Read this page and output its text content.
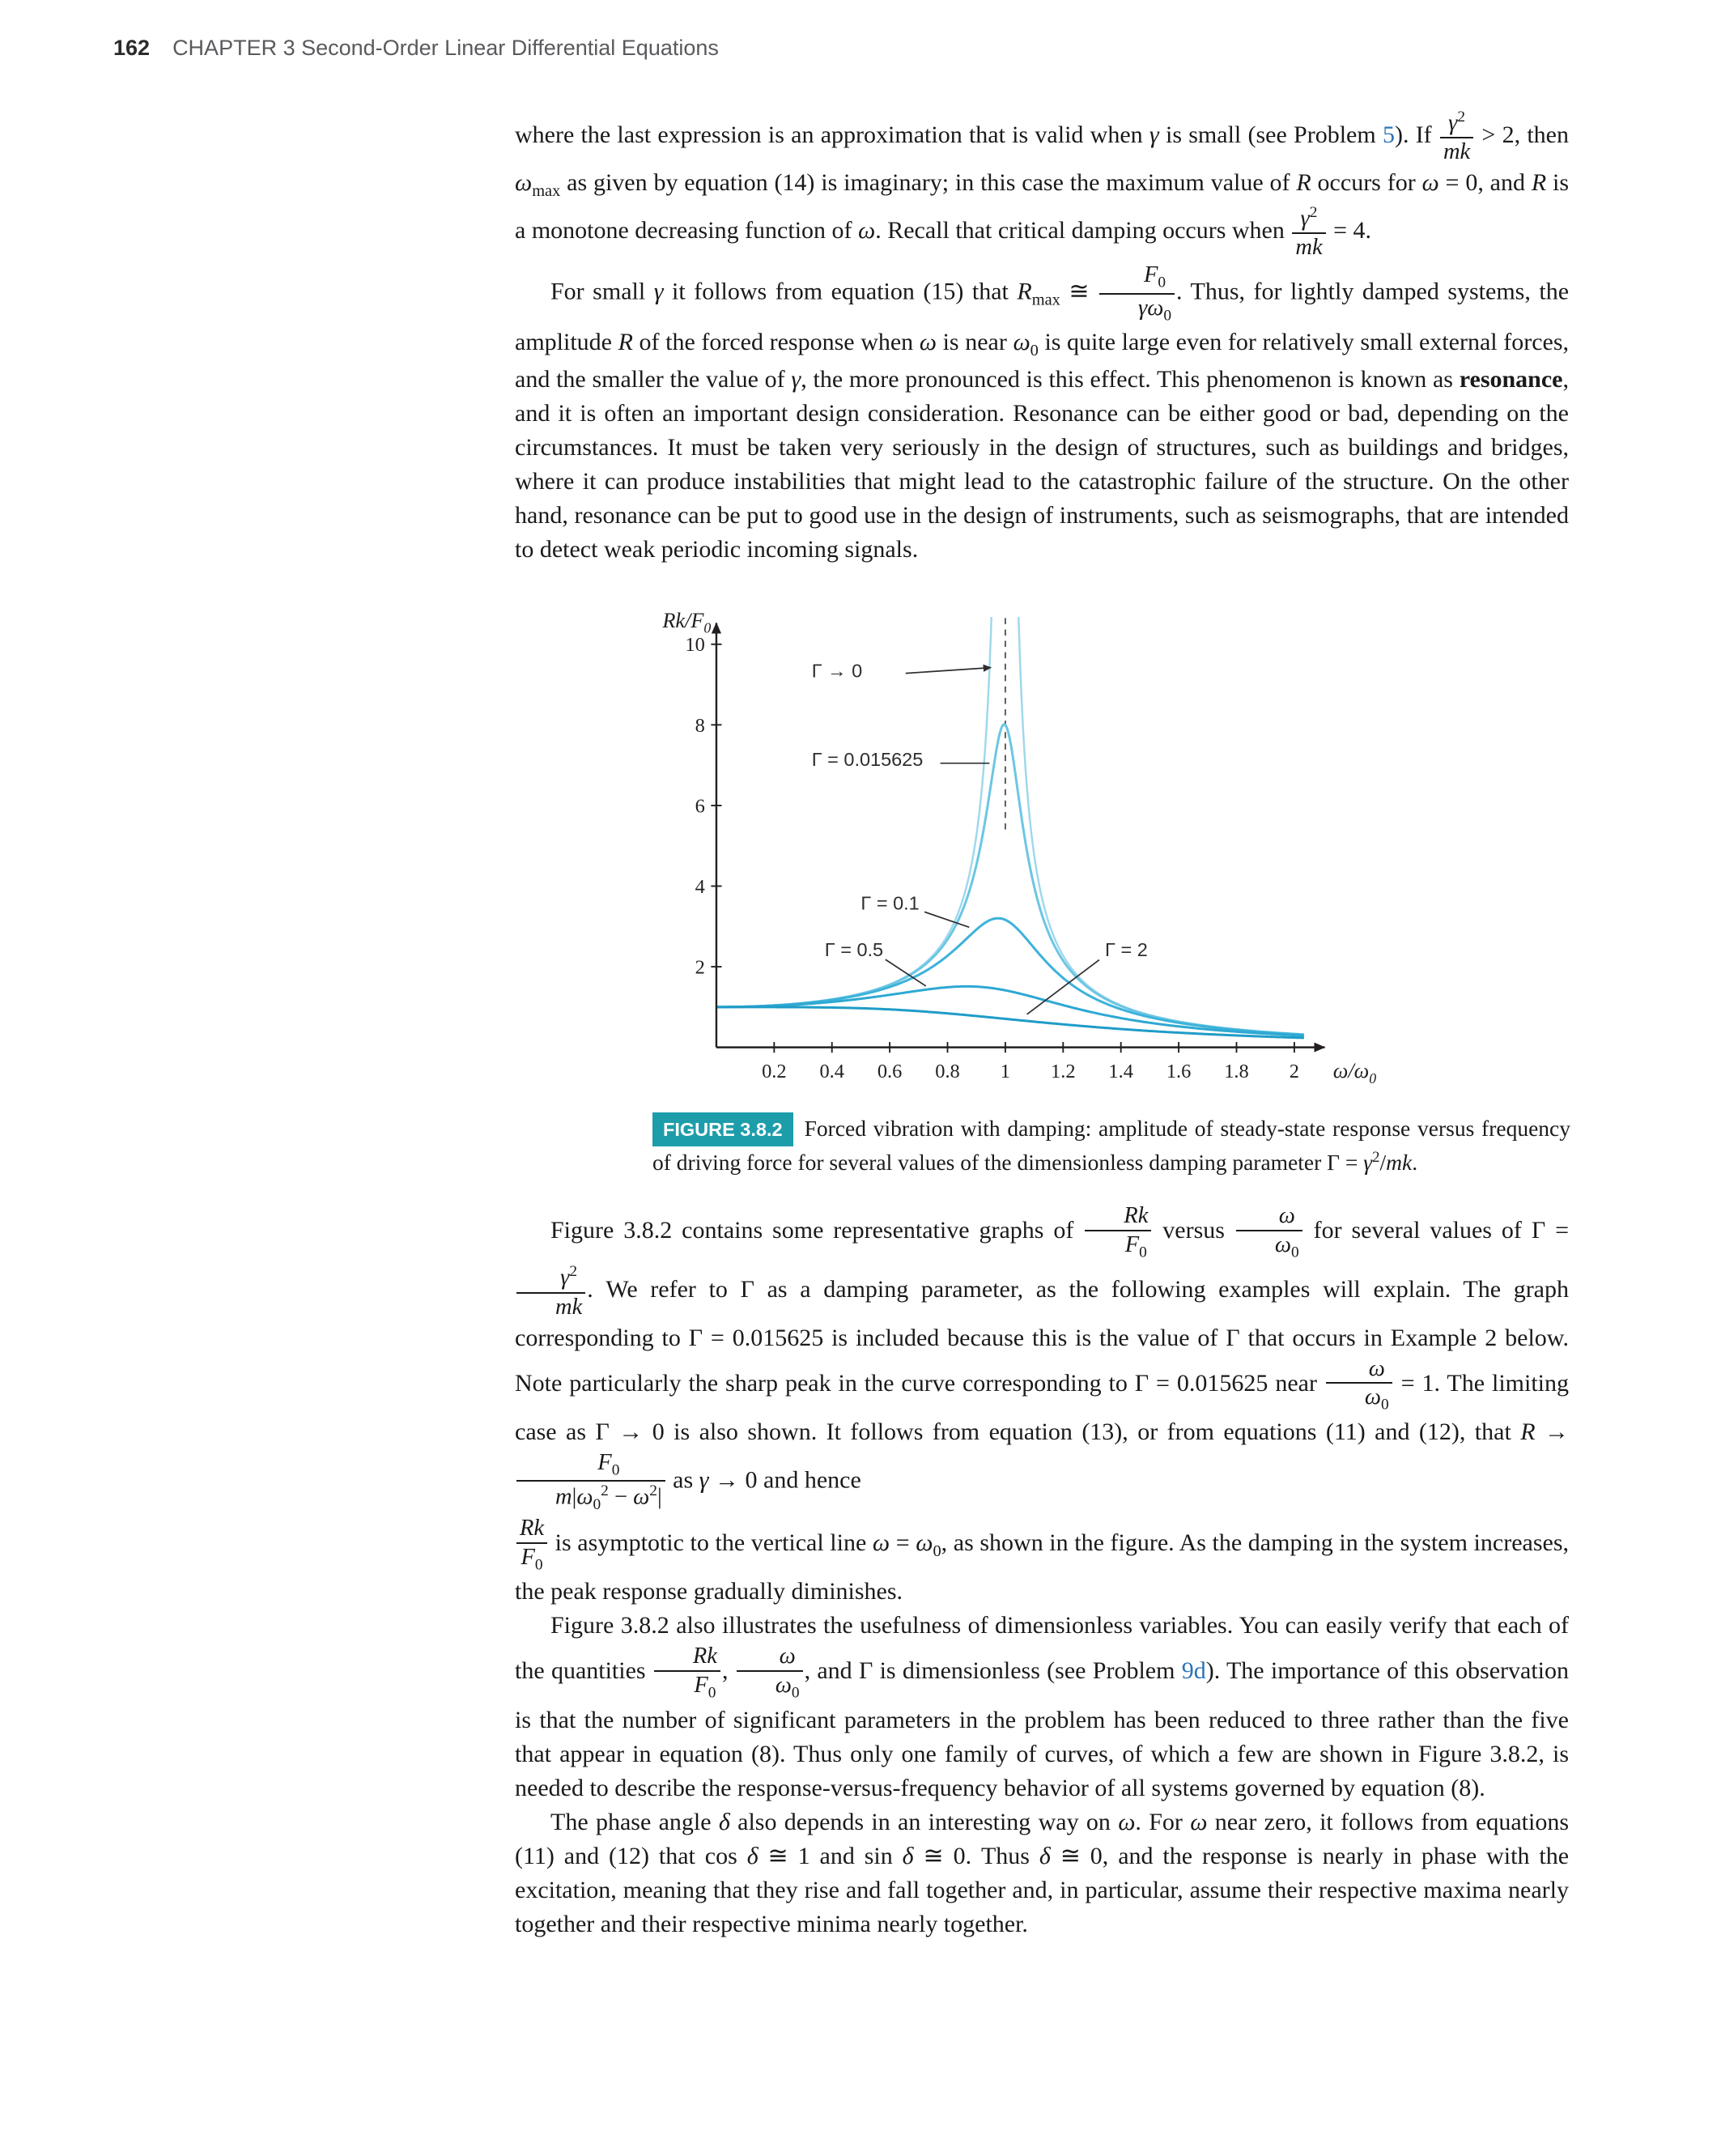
162 CHAPTER 3 Second-Order Linear Differential Equations

where the last expression is an approximation that is valid when γ is small (see Problem 5). If $\frac{\gamma^2}{mk} > 2$, then $\omega_{max}$ as given by equation (14) is imaginary; in this case the maximum value of R occurs for ω = 0, and R is a monotone decreasing function of ω. Recall that critical damping occurs when $\frac{\gamma^2}{mk} = 4$.

For small γ it follows from equation (15) that $R_{max}$ ≅ $\frac{F_0}{\gamma\omega_0}$ . Thus, for lightly damped systems, the amplitude R of the forced response when ω is near $\omega_0$ is quite large even for relatively small external forces, and the smaller the value of γ, the more pronounced is this effect. This phenomenon is known as resonance, and it is often an important design consideration. Resonance can be either good or bad, depending on the circumstances. It must be taken very seriously in the design of structures, such as buildings and bridges, where it can produce instabilities that might lead to the catastrophic failure of the structure. On the other hand, resonance can be put to good use in the design of instruments, such as seismographs, that are intended to detect weak periodic incoming signals.

0.2 0.4 0.6 0.8 1 1.2 1.4 1.6 1.8 2
2
4
6
8
10
$Rk/F_0$
$\omega/\omega_0$
Γ → 0
Γ = 0.015625
Γ = 0.1
Γ = 0.5	Γ = 2

FIGURE 3.8.2 Forced vibration with damping: amplitude of steady-state response versus frequency of driving force for several values of the dimensionless damping parameter $\Gamma = \gamma^2/mk$.

Figure 3.8.2 contains some representative graphs of $\frac{Rk}{F_0}$ versus $\frac{\omega}{\omega_0}$ for several values of Γ =
$\frac{\gamma^2}{mk}$ . We refer to Γ as a damping parameter, as the following examples will explain. The graph corresponding to Γ = 0.015625 is included because this is the value of Γ that occurs in Example 2 below. Note particularly the sharp peak in the curve corresponding to Γ = 0.015625 near $\frac{\omega}{\omega_0} = 1$. The limiting case as Γ → 0 is also shown. It follows from equation (13), or from equations (11) and (12), that R →
$\frac{F_0}{m|\omega_0^2 - \omega^2|}$ as γ → 0 and hence

$\frac{Rk}{F_0}$ is asymptotic to the vertical line $\omega = \omega_0$, as shown in the figure. As the damping in the system increases, the peak response gradually diminishes.

Figure 3.8.2 also illustrates the usefulness of dimensionless variables. You can easily verify that each of the quantities $\frac{Rk}{F_0}$ , $\frac{\omega}{\omega_0}$ , and Γ is dimensionless (see Problem 9d). The importance of this observation is that the number of significant parameters in the problem has been reduced to three rather than the five that appear in equation (8). Thus only one family of curves, of which a few are shown in Figure 3.8.2, is needed to describe the response-versus-frequency behavior of all systems governed by equation (8).

The phase angle δ also depends in an interesting way on ω. For ω near zero, it follows from equations (11) and (12) that cos δ ≅ 1 and sin δ ≅ 0. Thus δ ≅ 0, and the response is nearly in phase with the excitation, meaning that they rise and fall together and, in particular, assume their respective maxima nearly together and their respective minima nearly together.
